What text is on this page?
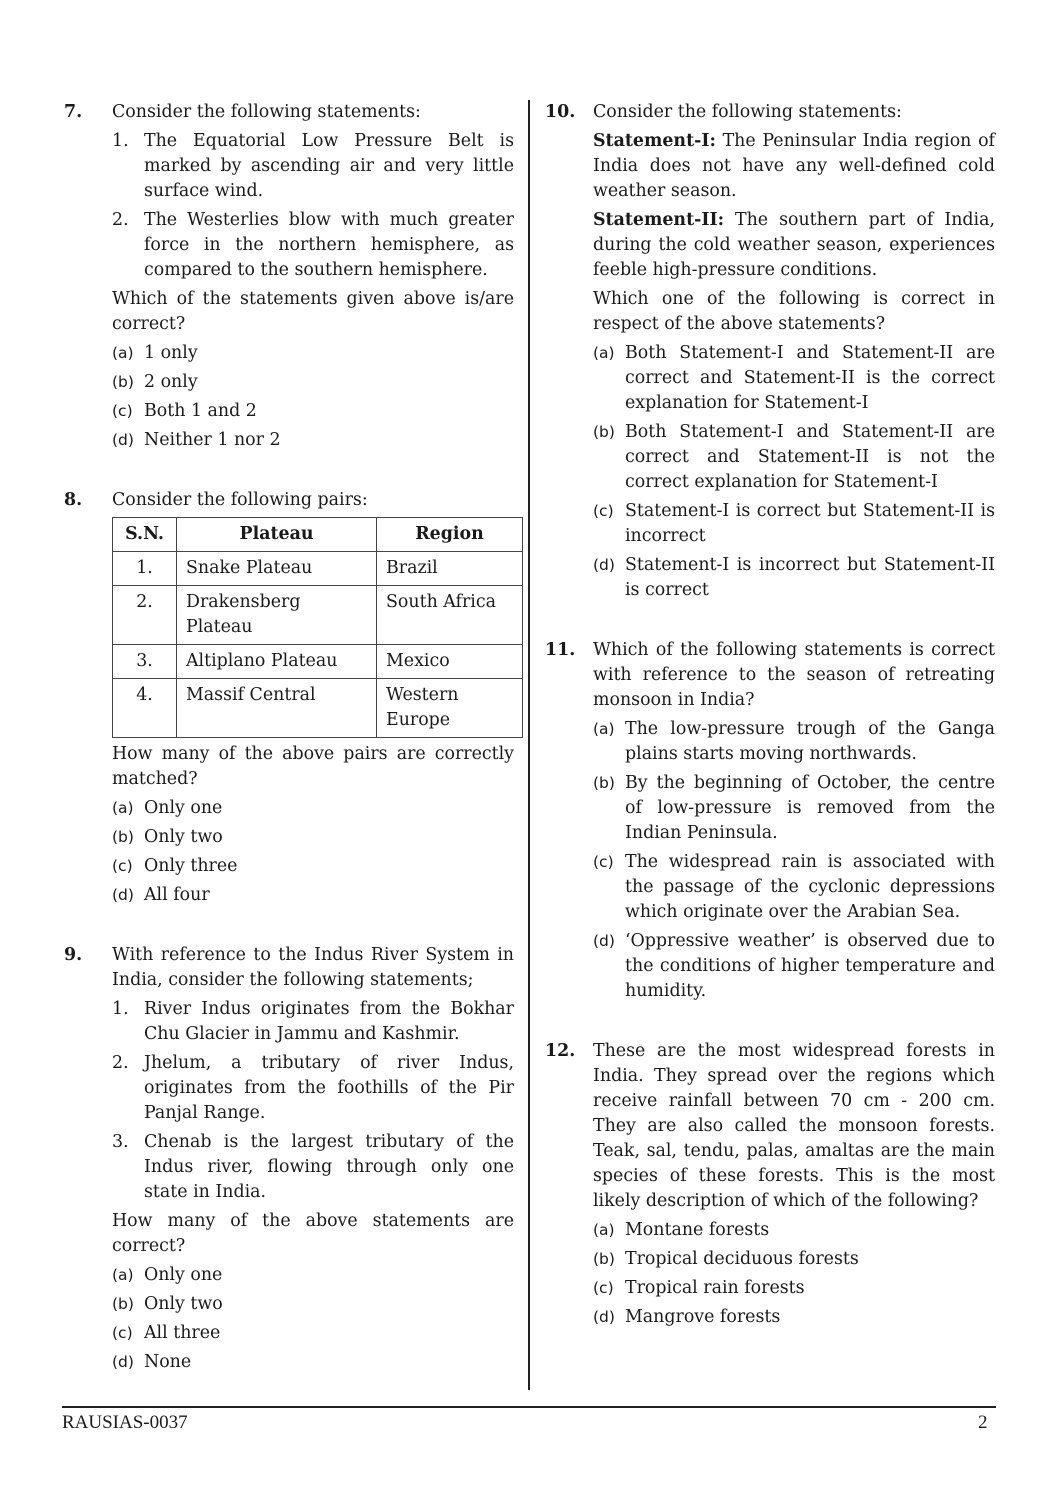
7. Consider the following statements:

1. The Equatorial Low Pressure Belt is marked by ascending air and very little surface wind.
2. The Westerlies blow with much greater force in the northern hemisphere, as compared to the southern hemisphere.

Which of the statements given above is/are correct?

(a) 1 only
(b) 2 only
(c) Both 1 and 2
(d) Neither 1 nor 2
8. Consider the following pairs:

S.N.	Plateau	Region
1.	Snake Plateau	Brazil
2.	Drakensberg Plateau	South Africa
3.	Altiplano Plateau	Mexico
4.	Massif Central	Western Europe

How many of the above pairs are correctly matched?

(a) Only one
(b) Only two
(c) Only three
(d) All four
9. With reference to the Indus River System in India, consider the following statements;

1. River Indus originates from the Bokhar Chu Glacier in Jammu and Kashmir.
2. Jhelum, a tributary of river Indus, originates from the foothills of the Pir Panjal Range.
3. Chenab is the largest tributary of the Indus river, flowing through only one state in India.

How many of the above statements are correct?

(a) Only one
(b) Only two
(c) All three
(d) None
10. Consider the following statements:

Statement-I: The Peninsular India region of India does not have any well-defined cold weather season.

Statement-II: The southern part of India, during the cold weather season, experiences feeble high-pressure conditions.

Which one of the following is correct in respect of the above statements?

(a) Both Statement-I and Statement-II are correct and Statement-II is the correct explanation for Statement-I
(b) Both Statement-I and Statement-II are correct and Statement-II is not the correct explanation for Statement-I
(c) Statement-I is correct but Statement-II is incorrect
(d) Statement-I is incorrect but Statement-II is correct
11. Which of the following statements is correct with reference to the season of retreating monsoon in India?

(a) The low-pressure trough of the Ganga plains starts moving northwards.
(b) By the beginning of October, the centre of low-pressure is removed from the Indian Peninsula.
(c) The widespread rain is associated with the passage of the cyclonic depressions which originate over the Arabian Sea.
(d) ‘Oppressive weather’ is observed due to the conditions of higher temperature and humidity.
12. These are the most widespread forests in India. They spread over the regions which receive rainfall between 70 cm - 200 cm. They are also called the monsoon forests. Teak, sal, tendu, palas, amaltas are the main species of these forests. This is the most likely description of which of the following?

(a) Montane forests
(b) Tropical deciduous forests
(c) Tropical rain forests
(d) Mangrove forests
RAUSIAS-0037	2
